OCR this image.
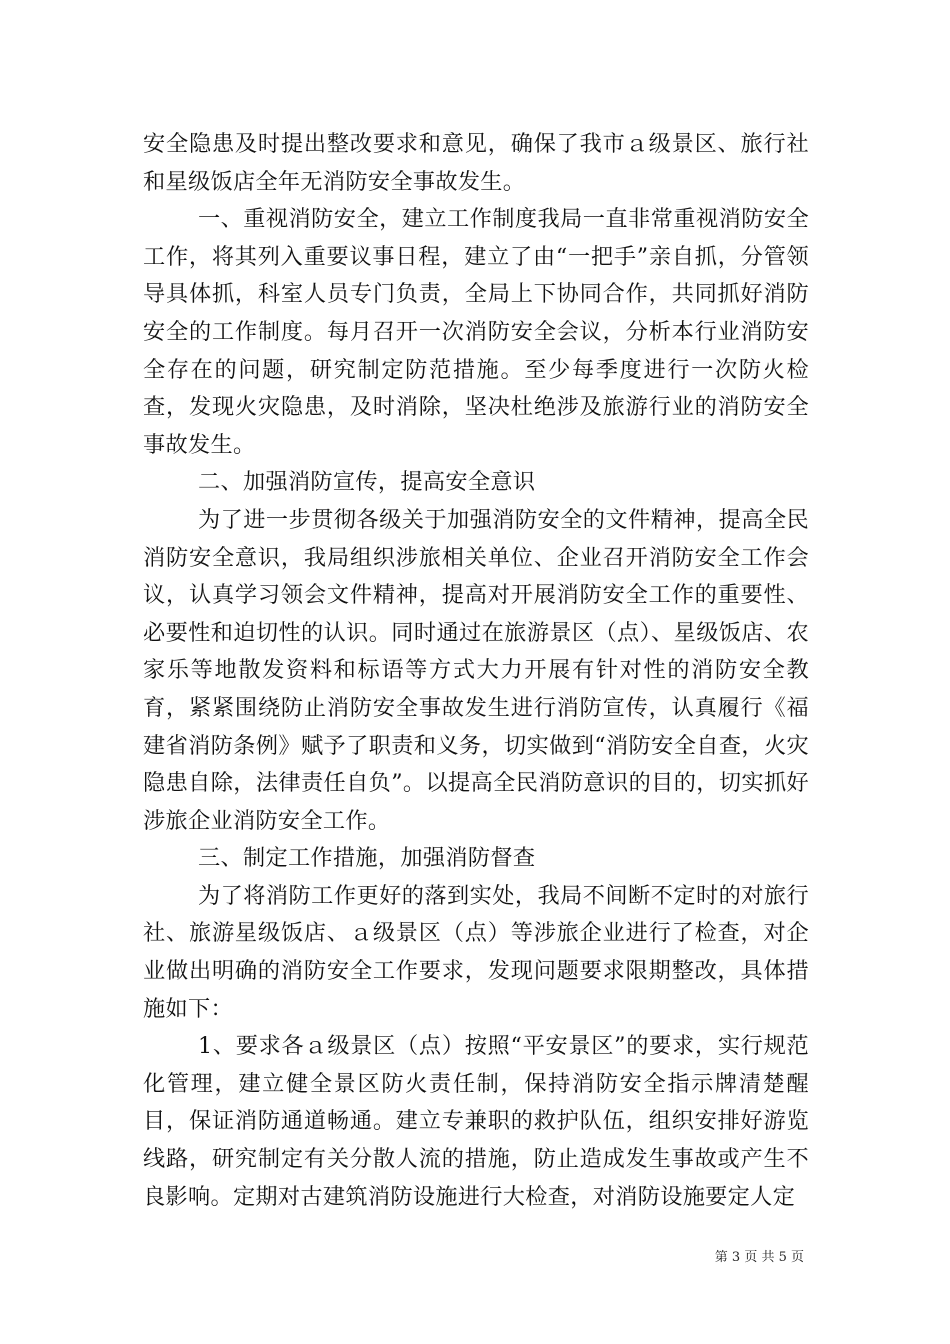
安全隐患及时提出整改要求和意见，确保了我市ａ级景区、旅行社和星级饭店全年无消防安全事故发生。

一、重视消防安全，建立工作制度我局一直非常重视消防安全工作，将其列入重要议事日程，建立了由“一把手”亲自抓，分管领导具体抓，科室人员专门负责，全局上下协同合作，共同抓好消防安全的工作制度。每月召开一次消防安全会议，分析本行业消防安全存在的问题，研究制定防范措施。至少每季度进行一次防火检查，发现火灾隐患，及时消除，坚决杜绝涉及旅游行业的消防安全事故发生。

二、加强消防宣传，提高安全意识

为了进一步贯彻各级关于加强消防安全的文件精神，提高全民消防安全意识，我局组织涉旅相关单位、企业召开消防安全工作会议，认真学习领会文件精神，提高对开展消防安全工作的重要性、必要性和迫切性的认识。同时通过在旅游景区（点）、星级饭店、农家乐等地散发资料和标语等方式大力开展有针对性的消防安全教育，紧紧围绕防止消防安全事故发生进行消防宣传，认真履行《福建省消防条例》赋予了职责和义务，切实做到“消防安全自查，火灾隐患自除，法律责任自负”。以提高全民消防意识的目的，切实抓好涉旅企业消防安全工作。

三、制定工作措施，加强消防督查

为了将消防工作更好的落到实处，我局不间断不定时的对旅行社、旅游星级饭店、ａ级景区（点）等涉旅企业进行了检查，对企业做出明确的消防安全工作要求，发现问题要求限期整改，具体措施如下：

1、要求各ａ级景区（点）按照“平安景区”的要求，实行规范化管理，建立健全景区防火责任制，保持消防安全指示牌清楚醒目，保证消防通道畅通。建立专兼职的救护队伍，组织安排好游览线路，研究制定有关分散人流的措施，防止造成发生事故或产生不良影响。定期对古建筑消防设施进行大检查，对消防设施要定人定

第 3 页 共 5 页
